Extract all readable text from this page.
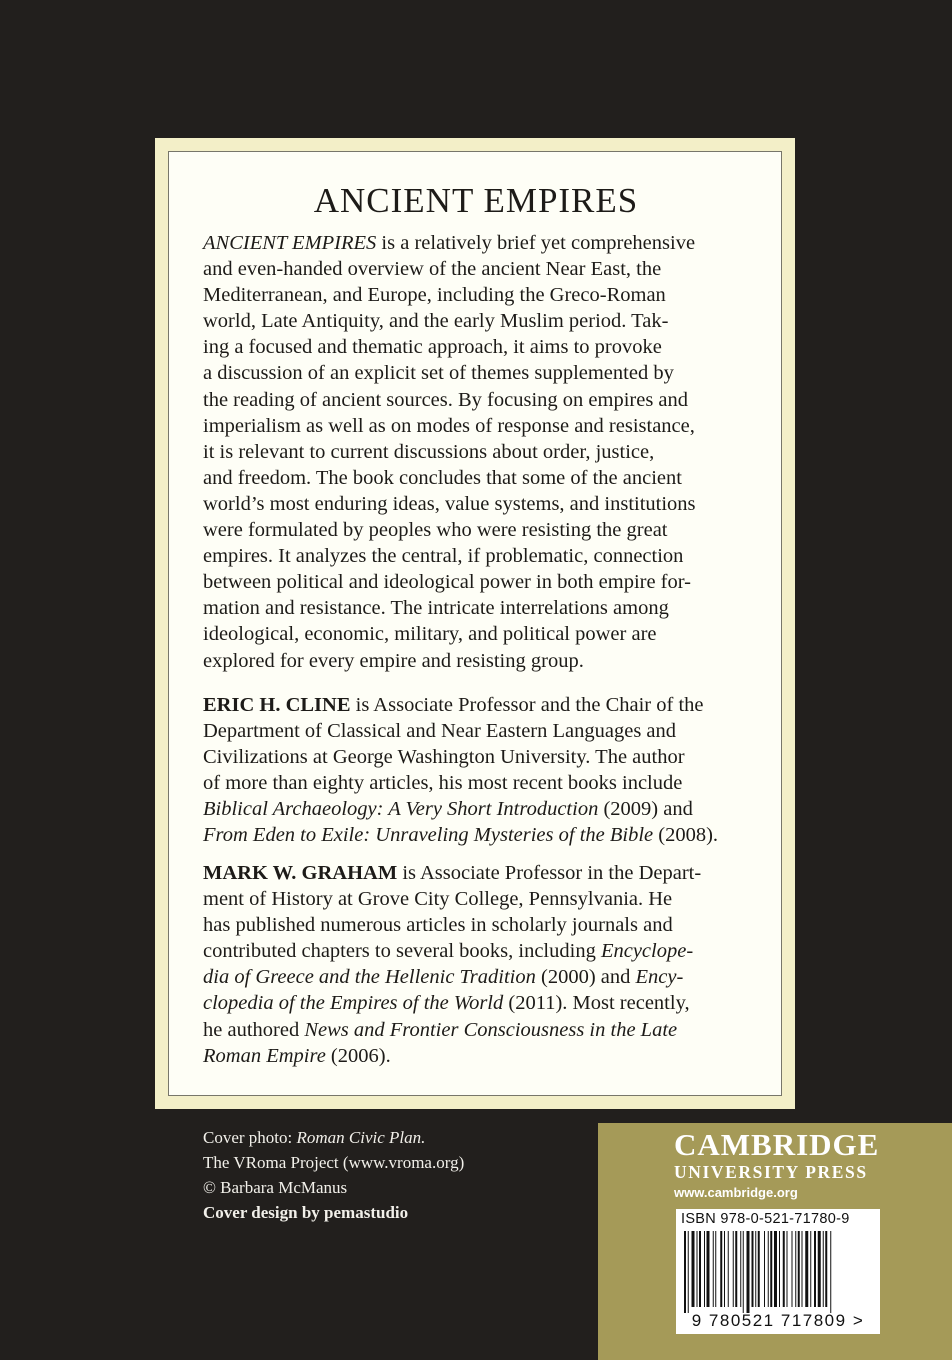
ANCIENT EMPIRES
ANCIENT EMPIRES is a relatively brief yet comprehensive
and even-handed overview of the ancient Near East, the
Mediterranean, and Europe, including the Greco-Roman
world, Late Antiquity, and the early Muslim period. Tak-
ing a focused and thematic approach, it aims to provoke
a discussion of an explicit set of themes supplemented by
the reading of ancient sources. By focusing on empires and
imperialism as well as on modes of response and resistance,
it is relevant to current discussions about order, justice,
and freedom. The book concludes that some of the ancient
world’s most enduring ideas, value systems, and institutions
were formulated by peoples who were resisting the great
empires. It analyzes the central, if problematic, connection
between political and ideological power in both empire for-
mation and resistance. The intricate interrelations among
ideological, economic, military, and political power are
explored for every empire and resisting group.
ERIC H. CLINE is Associate Professor and the Chair of the
Department of Classical and Near Eastern Languages and
Civilizations at George Washington University. The author
of more than eighty articles, his most recent books include
Biblical Archaeology: A Very Short Introduction (2009) and
From Eden to Exile: Unraveling Mysteries of the Bible (2008).
MARK W. GRAHAM is Associate Professor in the Depart-
ment of History at Grove City College, Pennsylvania. He
has published numerous articles in scholarly journals and
contributed chapters to several books, including Encyclope-
dia of Greece and the Hellenic Tradition (2000) and Ency-
clopedia of the Empires of the World (2011). Most recently,
he authored News and Frontier Consciousness in the Late
Roman Empire (2006).
Cover photo: Roman Civic Plan.
The VRoma Project (www.vroma.org)
© Barbara McManus
Cover design by pemastudio
CAMBRIDGE
UNIVERSITY PRESS
www.cambridge.org
ISBN 978-0-521-71780-9
9 780521 717809 >
